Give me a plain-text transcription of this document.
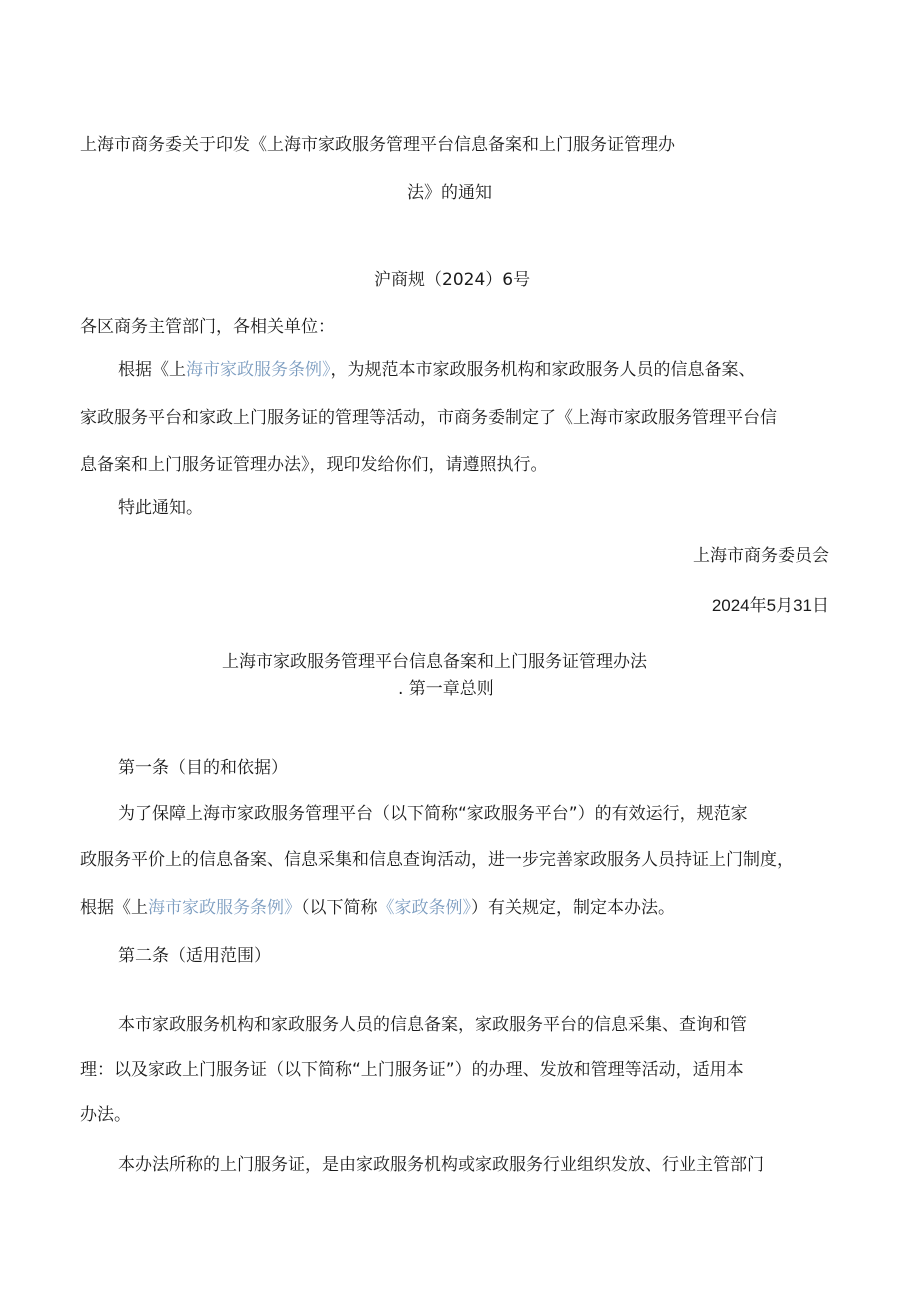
上海市商务委关于印发《上海市家政服务管理平台信息备案和上门服务证管理办

法》的通知

沪商规（2024）6号

各区商务主管部门，各相关单位：

根据《上海市家政服务条例》，为规范本市家政服务机构和家政服务人员的信息备案、

家政服务平台和家政上门服务证的管理等活动，市商务委制定了《上海市家政服务管理平台信

息备案和上门服务证管理办法》，现印发给你们，请遵照执行。

特此通知。

上海市商务委员会

2024年5月31日

上海市家政服务管理平台信息备案和上门服务证管理办法

. 第一章总则

第一条（目的和依据）

为了保障上海市家政服务管理平台（以下简称“家政服务平台”）的有效运行，规范家

政服务平价上的信息备案、信息采集和信息查询活动，进一步完善家政服务人员持证上门制度，

根据《上海市家政服务条例》（以下简称《家政条例》）有关规定，制定本办法。

第二条（适用范围）

本市家政服务机构和家政服务人员的信息备案，家政服务平台的信息采集、查询和管

理：以及家政上门服务证（以下简称“上门服务证”）的办理、发放和管理等活动，适用本

办法。

本办法所称的上门服务证，是由家政服务机构或家政服务行业组织发放、行业主管部门
